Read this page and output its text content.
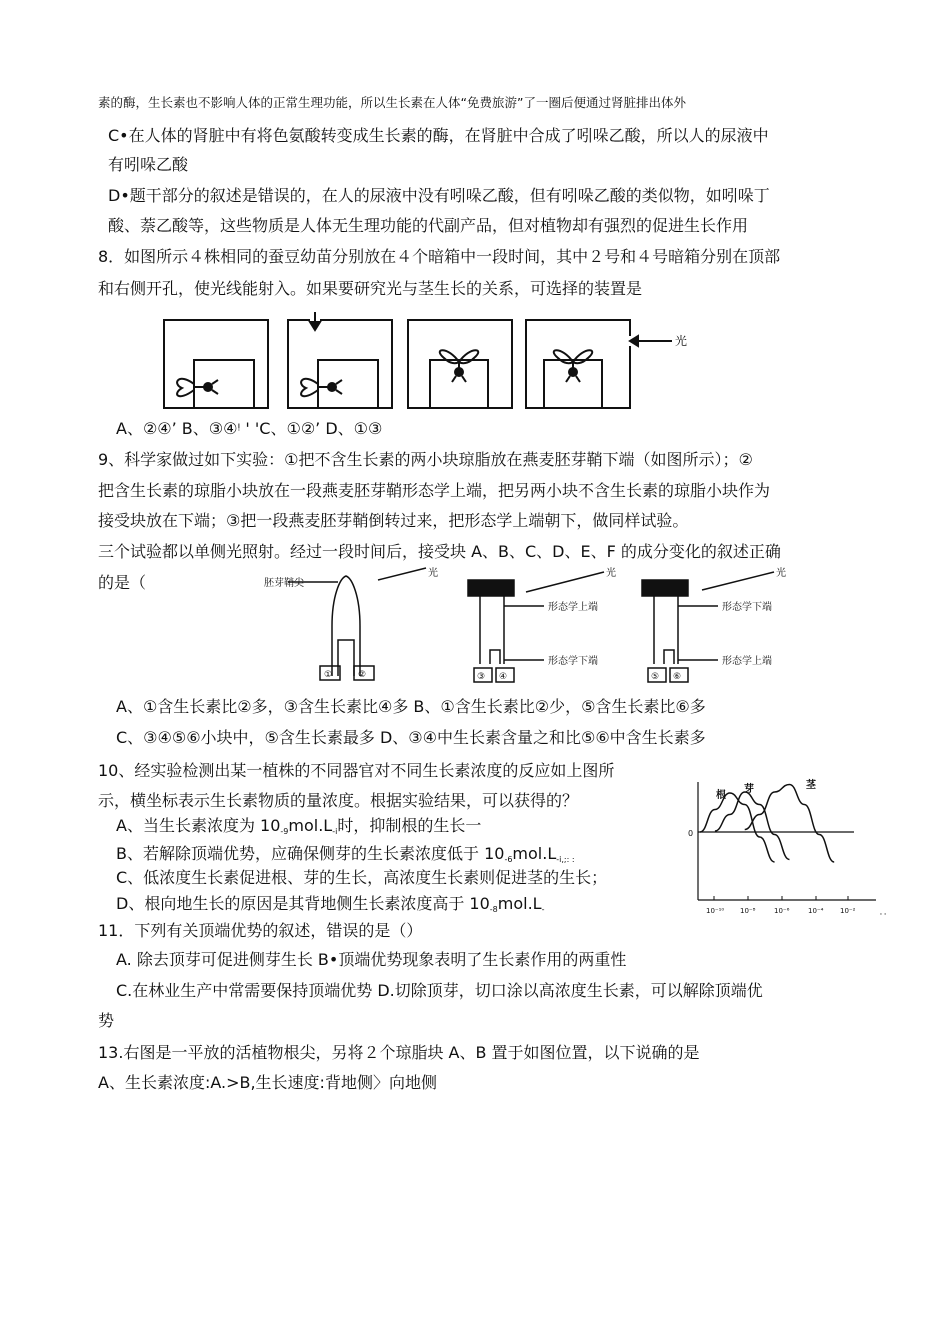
素的酶，生长素也不影响人体的正常生理功能，所以生长素在人体“免费旅游”了一圈后便通过肾脏排出体外
C•在人体的肾脏中有将色氨酸转变成生长素的酶，在肾脏中合成了吲哚乙酸，所以人的尿液中
有吲哚乙酸
D•题干部分的叙述是错误的，在人的尿液中没有吲哚乙酸，但有吲哚乙酸的类似物，如吲哚丁
酸、萘乙酸等，这些物质是人体无生理功能的代副产品，但对植物却有强烈的促进生长作用
8．如图所示４株相同的蚕豆幼苗分别放在４个暗箱中一段时间，其中２号和４号暗箱分别在顶部
和右侧开孔，使光线能射入。如果要研究光与茎生长的关系，可选择的装置是
光
A、②④’ B、③④ᵎ ' 'C、①②’ D、①③
9、科学家做过如下实验：①把不含生长素的两小块琼脂放在燕麦胚芽鞘下端（如图所示）；②
把含生长素的琼脂小块放在一段燕麦胚芽鞘形态学上端，把另两小块不含生长素的琼脂小块作为
接受块放在下端；③把一段燕麦胚芽鞘倒转过来，把形态学上端朝下，做同样试验。
三个试验都以单侧光照射。经过一段时间后，接受块 A、B、C、D、E、F 的成分变化的叙述正确
的是（	胚芽鞘尖
光	光	光
形态学上端
形态学下端
形态学下端
形态学上端
①	②	③ ④	⑤ ⑥
A、①含生长素比②多，③含生长素比④多 B、①含生长素比②少，⑤含生长素比⑥多
C、③④⑤⑥小块中，⑤含生长素最多 D、③④中生长素含量之和比⑤⑥中含生长素多
10、经实验检测出某一植株的不同器官对不同生长素浓度的反应如上图所
示，横坐标表示生长素物质的量浓度。根据实验结果，可以获得的？
A、当生长素浓度为 $10_{-9}mol.L_{-i}$时，抑制根的生长一
B、若解除顶端优势，应确保侧芽的生长素浓度低于 $10_{-6}mol.L_{-i,;: :}$
C、低浓度生长素促进根、芽的生长，高浓度生长素则促进茎的生长；
D、根向地生长的原因是其背地侧生长素浓度高于 $10_{-8}mol.L_-$	10⁻¹⁰ 10⁻⁸	10⁻⁶	10⁻⁴ 10⁻²
0
根
芽	茎
' '
11．下列有关顶端优势的叙述，错误的是（）
A. 除去顶芽可促进侧芽生长 B•顶端优势现象表明了生长素作用的两重性
C.在林业生产中常需要保持顶端优势 D.切除顶芽，切口涂以高浓度生长素，可以解除顶端优
势
13.右图是一平放的活植物根尖，另将２个琼脂块 A、B 置于如图位置，以下说确的是
A、生长素浓度:A.>B,生长速度:背地侧〉向地侧
